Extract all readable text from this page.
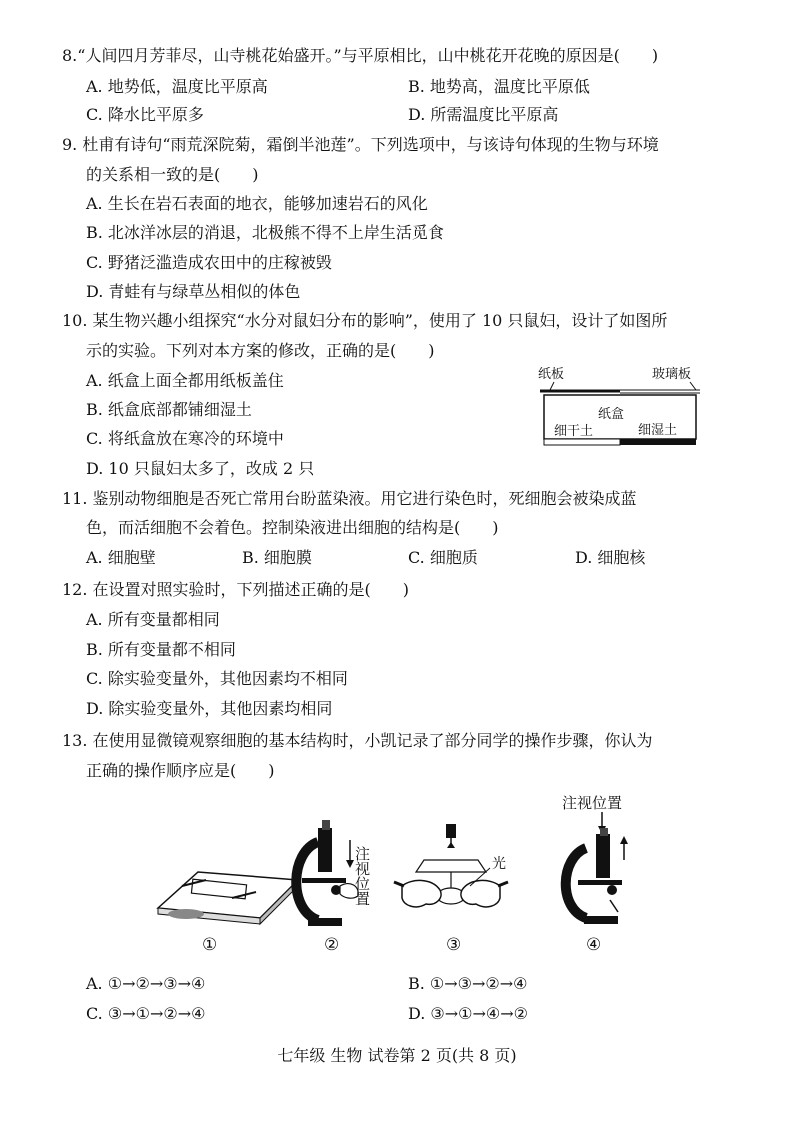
8.“人间四月芳菲尽，山寺桃花始盛开。”与平原相比，山中桃花开花晚的原因是(　　)
A. 地势低，温度比平原高	B. 地势高，温度比平原低
C. 降水比平原多	D. 所需温度比平原高
9. 杜甫有诗句“雨荒深院菊，霜倒半池莲”。下列选项中，与该诗句体现的生物与环境
的关系相一致的是(　　)
A. 生长在岩石表面的地衣，能够加速岩石的风化
B. 北冰洋冰层的消退，北极熊不得不上岸生活觅食
C. 野猪泛滥造成农田中的庄稼被毁
D. 青蛙有与绿草丛相似的体色
10. 某生物兴趣小组探究“水分对鼠妇分布的影响”，使用了 10 只鼠妇，设计了如图所
示的实验。下列对本方案的修改，正确的是(　　)
A. 纸盒上面全都用纸板盖住
B. 纸盒底部都铺细湿土
C. 将纸盒放在寒冷的环境中
D. 10 只鼠妇太多了，改成 2 只
纸板	玻璃板
纸盒
细干土	细湿土
11. 鉴别动物细胞是否死亡常用台盼蓝染液。用它进行染色时，死细胞会被染成蓝
色，而活细胞不会着色。控制染液进出细胞的结构是(　　)
A. 细胞壁	B. 细胞膜	C. 细胞质	D. 细胞核
12. 在设置对照实验时，下列描述正确的是(　　)
A. 所有变量都相同
B. 所有变量都不相同
C. 除实验变量外，其他因素均不相同
D. 除实验变量外，其他因素均相同
13. 在使用显微镜观察细胞的基本结构时，小凯记录了部分同学的操作步骤，你认为
正确的操作顺序应是(　　)
①
注视位置
②
光
③
注视位置
④
A. ①→②→③→④	B. ①→③→②→④
C. ③→①→②→④	D. ③→①→④→②
七年级 生物 试卷第 2 页(共 8 页)
